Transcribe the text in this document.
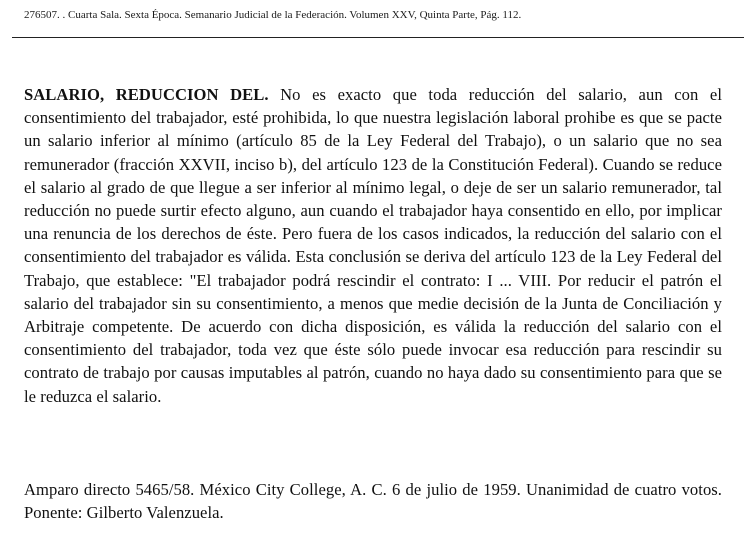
276507. . Cuarta Sala. Sexta Época. Semanario Judicial de la Federación. Volumen XXV, Quinta Parte, Pág. 112.
SALARIO, REDUCCION DEL. No es exacto que toda reducción del salario, aun con el consentimiento del trabajador, esté prohibida, lo que nuestra legislación laboral prohibe es que se pacte un salario inferior al mínimo (artículo 85 de la Ley Federal del Trabajo), o un salario que no sea remunerador (fracción XXVII, inciso b), del artículo 123 de la Constitución Federal). Cuando se reduce el salario al grado de que llegue a ser inferior al mínimo legal, o deje de ser un salario remunerador, tal reducción no puede surtir efecto alguno, aun cuando el trabajador haya consentido en ello, por implicar una renuncia de los derechos de éste. Pero fuera de los casos indicados, la reducción del salario con el consentimiento del trabajador es válida. Esta conclusión se deriva del artículo 123 de la Ley Federal del Trabajo, que establece: "El trabajador podrá rescindir el contrato: I ... VIII. Por reducir el patrón el salario del trabajador sin su consentimiento, a menos que medie decisión de la Junta de Conciliación y Arbitraje competente. De acuerdo con dicha disposición, es válida la reducción del salario con el consentimiento del trabajador, toda vez que éste sólo puede invocar esa reducción para rescindir su contrato de trabajo por causas imputables al patrón, cuando no haya dado su consentimiento para que se le reduzca el salario.
Amparo directo 5465/58. México City College, A. C. 6 de julio de 1959. Unanimidad de cuatro votos. Ponente: Gilberto Valenzuela.
